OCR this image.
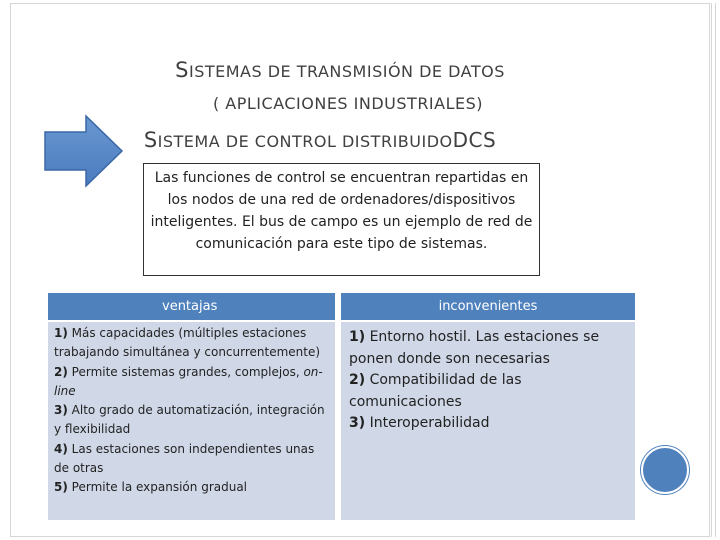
SISTEMAS DE TRANSMISIÓN DE DATOS
( APLICACIONES INDUSTRIALES)
SISTEMA DE CONTROL DISTRIBUIDODCS
Las funciones de control se encuentran repartidas en los nodos de una red de ordenadores/dispositivos inteligentes. El bus de campo es un ejemplo de red de comunicación para este tipo de sistemas.
ventajas	inconvenientes
1) Más capacidades (múltiples estaciones trabajando simultánea y concurrentemente)
2) Permite sistemas grandes, complejos, on-line
3) Alto grado de automatización, integración y flexibilidad
4) Las estaciones son independientes unas de otras
5) Permite la expansión gradual
1) Entorno hostil. Las estaciones se ponen donde son necesarias
2) Compatibilidad de las comunicaciones
3) Interoperabilidad
